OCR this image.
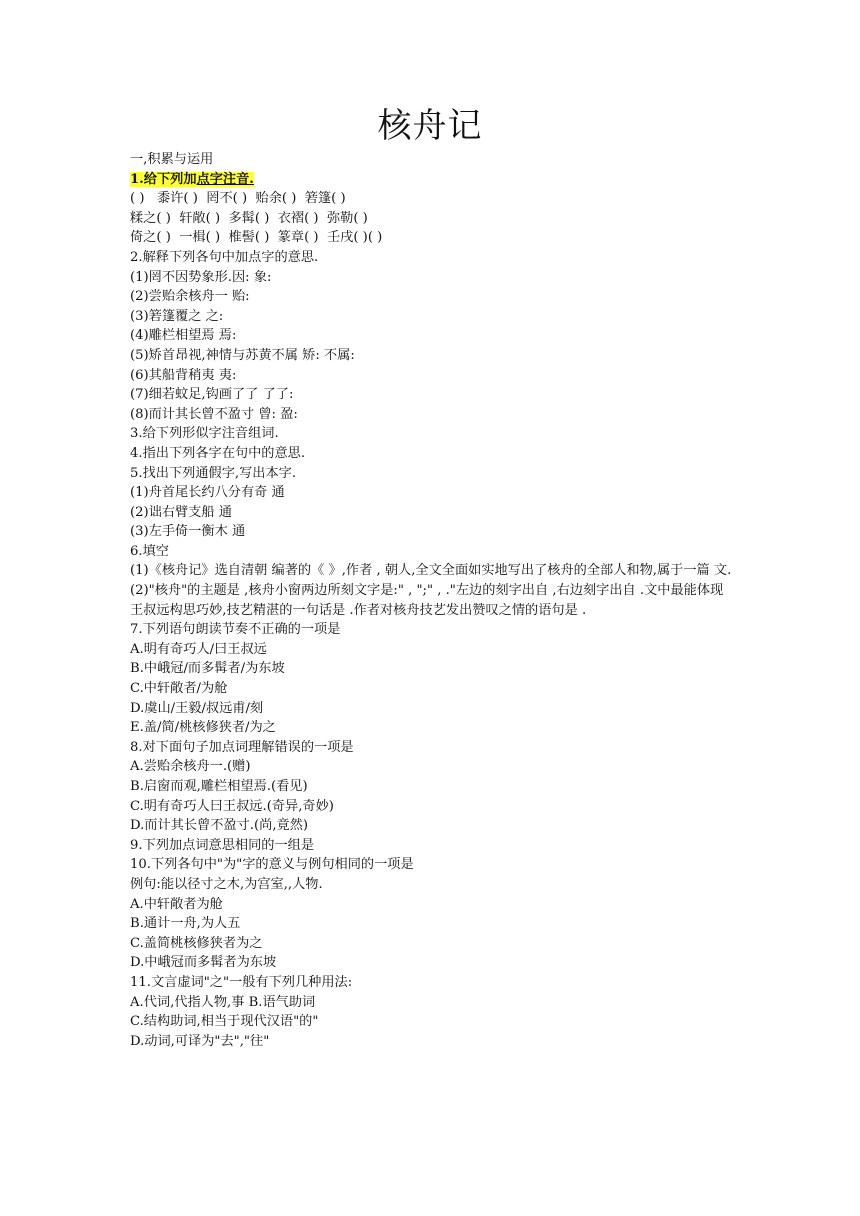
核舟记
一,积累与运用
1.给下列加点字注音.
( )   黍许( )  罔不( )  贻余( )  箬篷( )
糅之( )  轩敞( )  多髯( )  衣褶( )  弥勒( )
倚之( )  一楫( )  椎髻( )  篆章( )  壬戌( )( )
2.解释下列各句中加点字的意思.
(1)罔不因势象形.因: 象:
(2)尝贻余核舟一 贻:
(3)箬篷覆之 之:
(4)雕栏相望焉 焉:
(5)矫首昂视,神情与苏黄不属 矫: 不属:
(6)其船背稍夷 夷:
(7)细若蚊足,钩画了了 了了:
(8)而计其长曾不盈寸 曾: 盈:
3.给下列形似字注音组词.
4.指出下列各字在句中的意思.
5.找出下列通假字,写出本字.
(1)舟首尾长约八分有奇 通
(2)诎右臂支船 通
(3)左手倚一衡木 通
6.填空
(1)《核舟记》选自清朝 编著的《 》,作者 , 朝人,全文全面如实地写出了核舟的全部人和物,属于一篇 文.
(2)"核舟"的主题是 ,核舟小窗两边所刻文字是:" , ";" , ."左边的刻字出自 ,右边刻字出自 .文中最能体现王叔远构思巧妙,技艺精湛的一句话是 .作者对核舟技艺发出赞叹之情的语句是 .
7.下列语句朗读节奏不正确的一项是
A.明有奇巧人/曰王叔远
B.中峨冠/而多髯者/为东坡
C.中轩敞者/为舱
D.虞山/王毅/叔远甫/刻
E.盖/简/桃核修狭者/为之
8.对下面句子加点词理解错误的一项是
A.尝贻余核舟一.(赠)
B.启窗而观,雕栏相望焉.(看见)
C.明有奇巧人曰王叔远.(奇异,奇妙)
D.而计其长曾不盈寸.(尚,竟然)
9.下列加点词意思相同的一组是
10.下列各句中"为"字的意义与例句相同的一项是
例句:能以径寸之木,为宫室,,人物.
A.中轩敞者为舱
B.通计一舟,为人五
C.盖简桃核修狭者为之
D.中峨冠而多髯者为东坡
11.文言虚词"之"一般有下列几种用法:
A.代词,代指人物,事 B.语气助词
C.结构助词,相当于现代汉语"的"
D.动词,可译为"去","往"
